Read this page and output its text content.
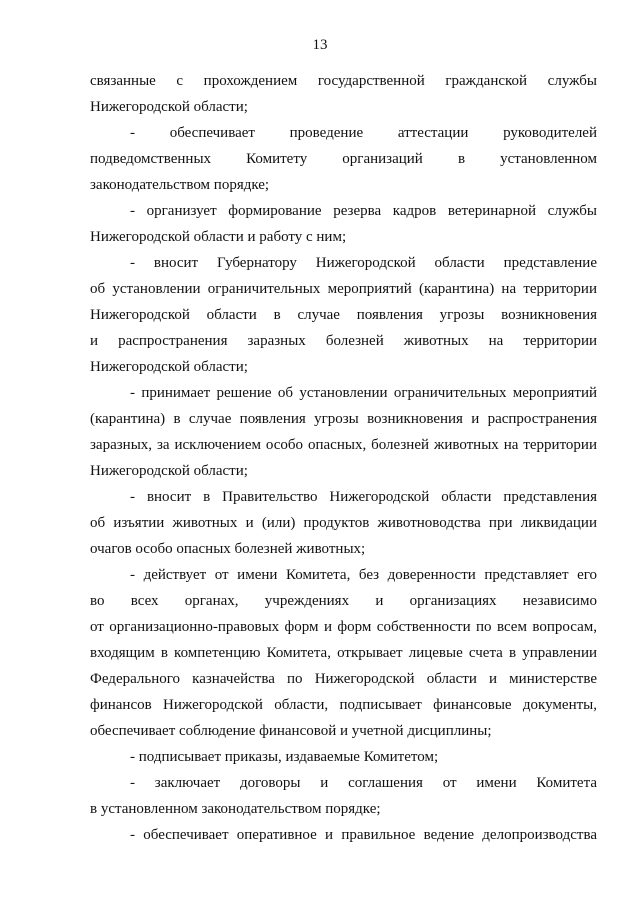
13
связанные с прохождением государственной гражданской службы
Нижегородской области;
- обеспечивает проведение аттестации руководителей
подведомственных Комитету организаций в установленном
законодательством порядке;
- организует формирование резерва кадров ветеринарной службы
Нижегородской области и работу с ним;
- вносит Губернатору Нижегородской области представление
об установлении ограничительных мероприятий (карантина) на территории
Нижегородской области в случае появления угрозы возникновения
и распространения заразных болезней животных на территории
Нижегородской области;
- принимает решение об установлении ограничительных мероприятий
(карантина) в случае появления угрозы возникновения и распространения
заразных, за исключением особо опасных, болезней животных на территории
Нижегородской области;
- вносит в Правительство Нижегородской области представления
об изъятии животных и (или) продуктов животноводства при ликвидации
очагов особо опасных болезней животных;
- действует от имени Комитета, без доверенности представляет его
во всех органах, учреждениях и организациях независимо
от организационно-правовых форм и форм собственности по всем вопросам,
входящим в компетенцию Комитета, открывает лицевые счета в управлении
Федерального казначейства по Нижегородской области и министерстве
финансов Нижегородской области, подписывает финансовые документы,
обеспечивает соблюдение финансовой и учетной дисциплины;
- подписывает приказы, издаваемые Комитетом;
- заключает договоры и соглашения от имени Комитета
в установленном законодательством порядке;
- обеспечивает оперативное и правильное ведение делопроизводства
